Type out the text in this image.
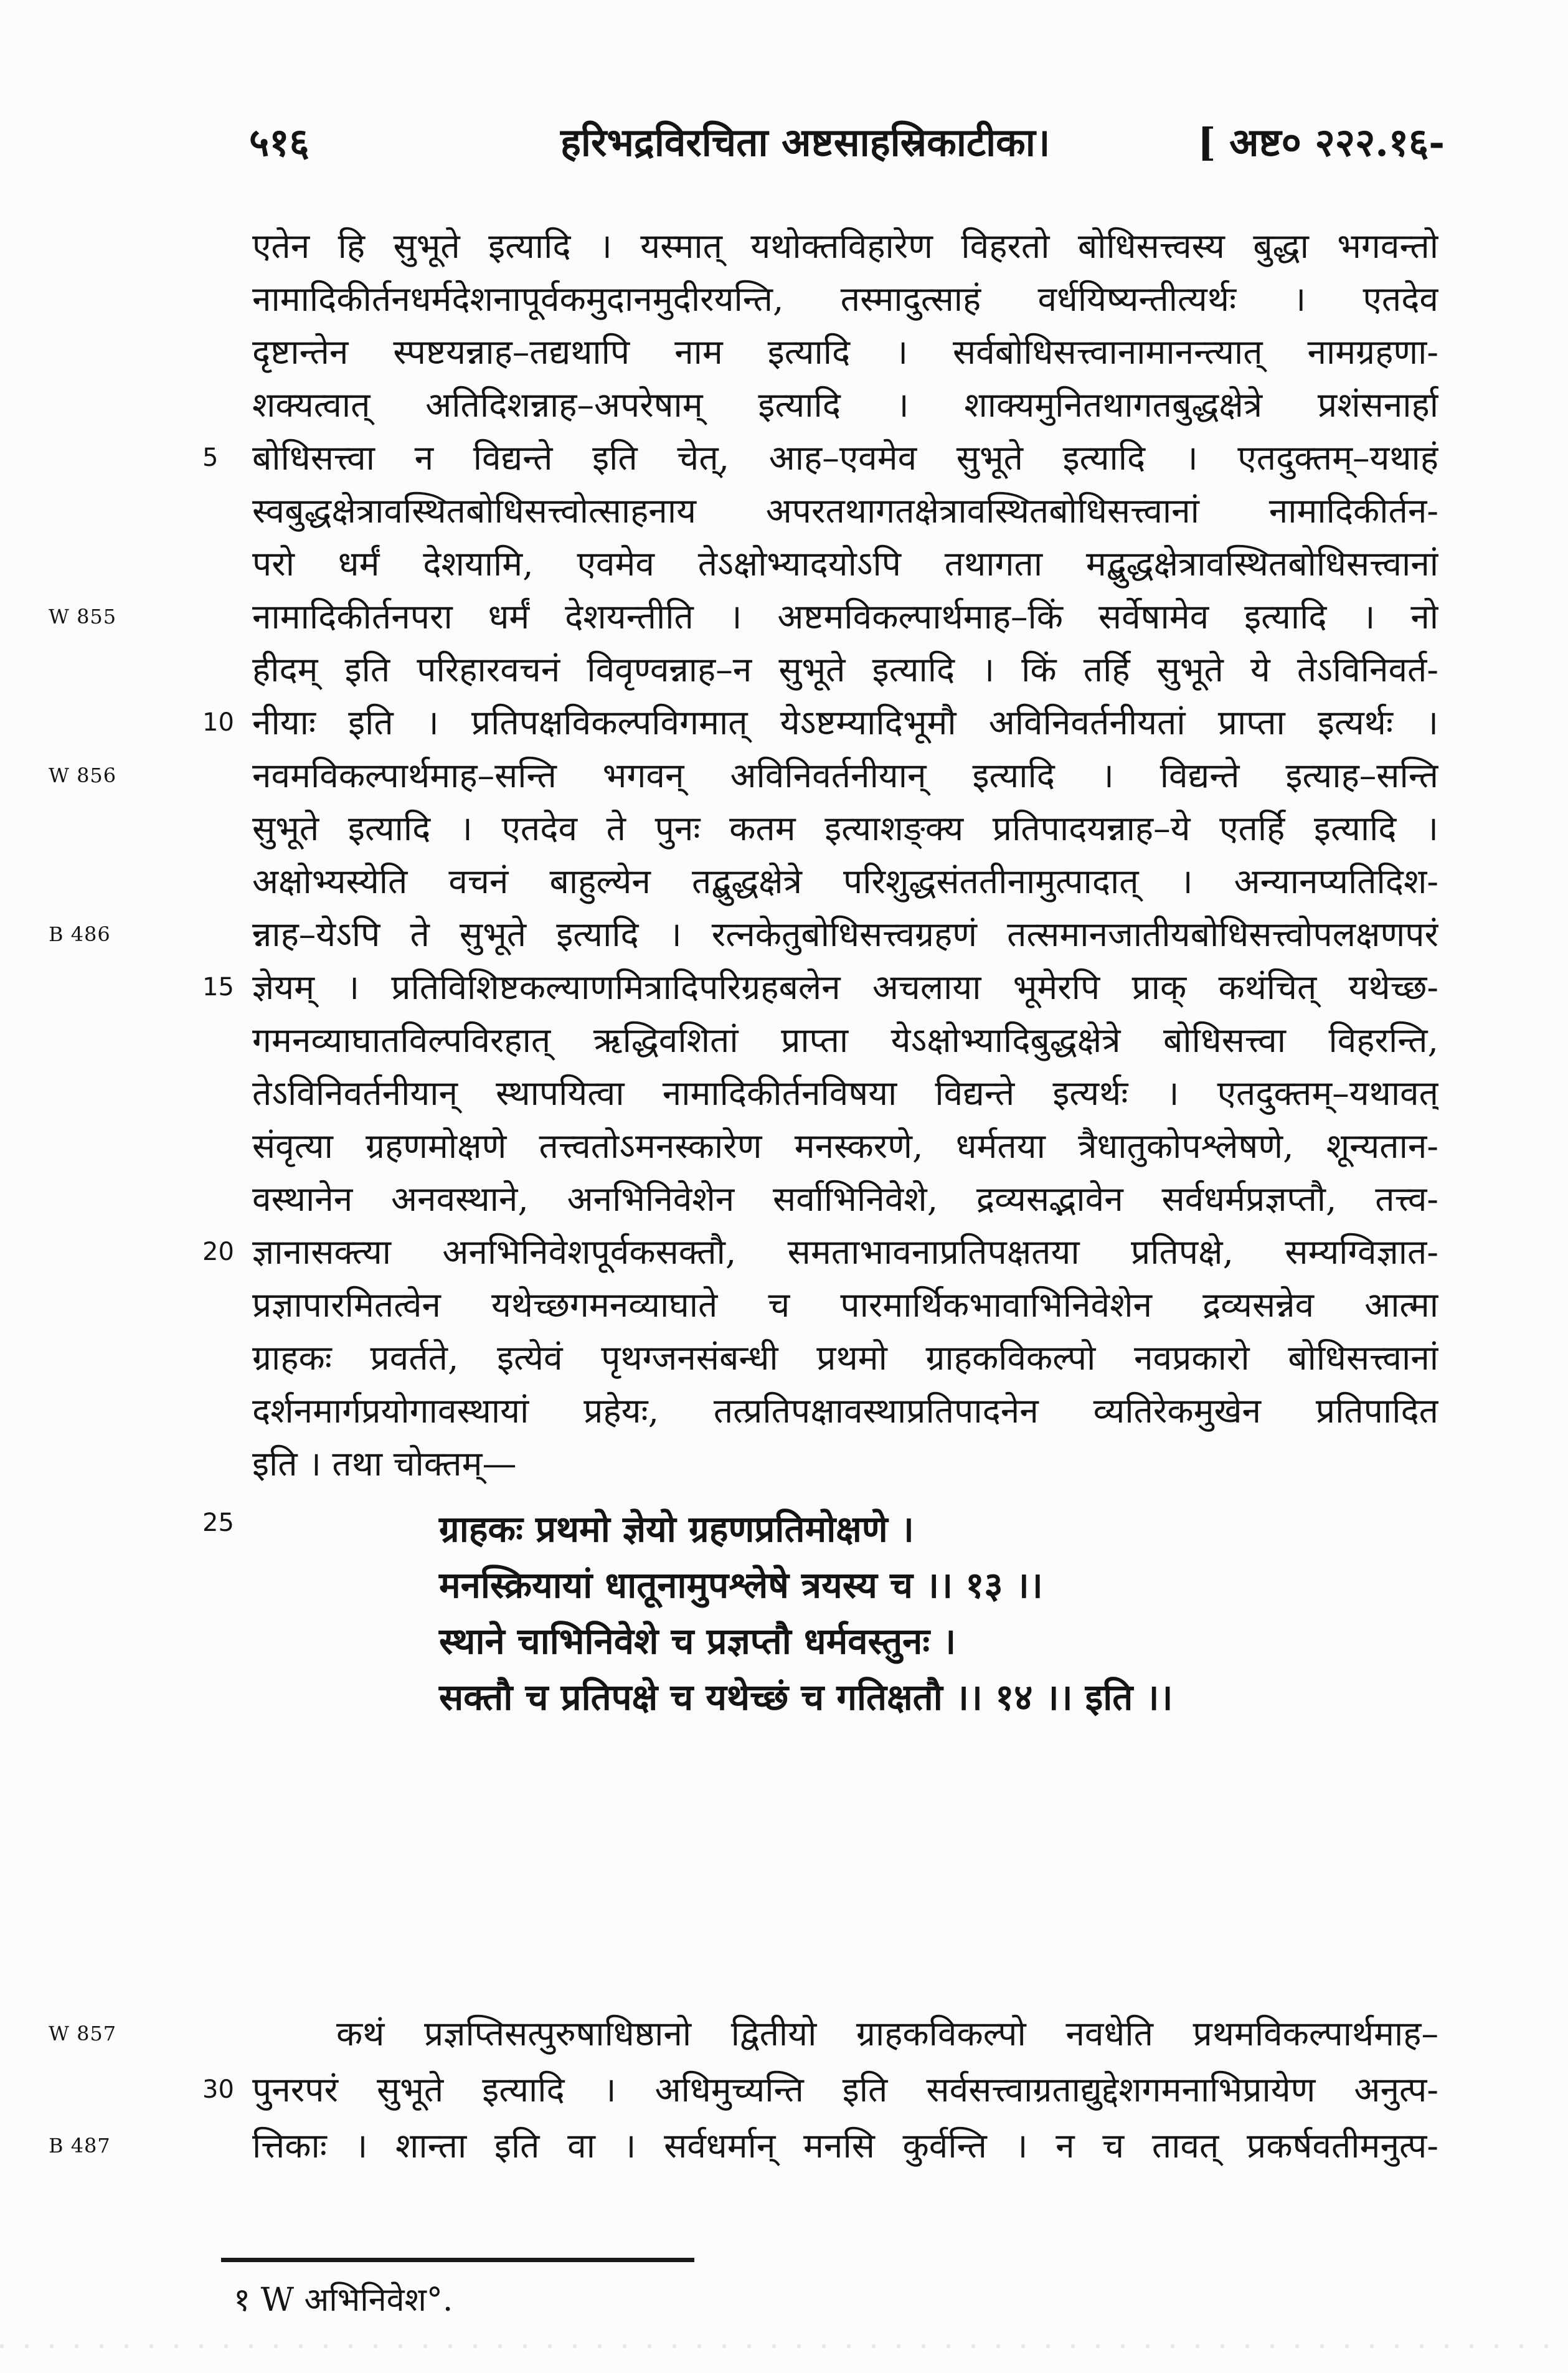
५१६	हरिभद्रविरचिता अष्टसाहस्रिकाटीका।	[ अष्ट० २२२.१६-
एतेन हि सुभूते इत्यादि । यस्मात् यथोक्तविहारेण विहरतो बोधिसत्त्वस्य बुद्धा भगवन्तो
नामादिकीर्तनधर्मदेशनापूर्वकमुदानमुदीरयन्ति, तस्मादुत्साहं वर्धयिष्यन्तीत्यर्थः । एतदेव
दृष्टान्तेन स्पष्टयन्नाह–तद्यथापि नाम इत्यादि । सर्वबोधिसत्त्वानामानन्त्यात् नामग्रहणा-
शक्यत्वात् अतिदिशन्नाह–अपरेषाम् इत्यादि । शाक्यमुनितथागतबुद्धक्षेत्रे प्रशंसनार्हा
5 बोधिसत्त्वा न विद्यन्ते इति चेत्, आह–एवमेव सुभूते इत्यादि । एतदुक्तम्–यथाहं
स्वबुद्धक्षेत्रावस्थितबोधिसत्त्वोत्साहनाय अपरतथागतक्षेत्रावस्थितबोधिसत्त्वानां नामादिकीर्तन-
परो धर्मं देशयामि, एवमेव तेऽक्षोभ्यादयोऽपि तथागता मद्बुद्धक्षेत्रावस्थितबोधिसत्त्वानां
W 855	नामादिकीर्तनपरा धर्मं देशयन्तीति । अष्टमविकल्पार्थमाह–किं सर्वेषामेव इत्यादि । नो
हीदम् इति परिहारवचनं विवृण्वन्नाह–न सुभूते इत्यादि । किं तर्हि सुभूते ये तेऽविनिवर्त-
10 नीयाः इति । प्रतिपक्षविकल्पविगमात् येऽष्टम्यादिभूमौ अविनिवर्तनीयतां प्राप्ता इत्यर्थः ।
W 856	नवमविकल्पार्थमाह–सन्ति भगवन् अविनिवर्तनीयान् इत्यादि । विद्यन्ते इत्याह–सन्ति
सुभूते इत्यादि । एतदेव ते पुनः कतम इत्याशङ्क्य प्रतिपादयन्नाह–ये एतर्हि इत्यादि ।
अक्षोभ्यस्येति वचनं बाहुल्येन तद्बुद्धक्षेत्रे परिशुद्धसंततीनामुत्पादात् । अन्यानप्यतिदिश-
B 486	न्नाह–येऽपि ते सुभूते इत्यादि । रत्नकेतुबोधिसत्त्वग्रहणं तत्समानजातीयबोधिसत्त्वोपलक्षणपरं
15 ज्ञेयम् । प्रतिविशिष्टकल्याणमित्रादिपरिग्रहबलेन अचलाया भूमेरपि प्राक् कथंचित् यथेच्छ-
गमनव्याघातविल्पविरहात् ऋद्धिवशितां प्राप्ता येऽक्षोभ्यादिबुद्धक्षेत्रे बोधिसत्त्वा विहरन्ति,
तेऽविनिवर्तनीयान् स्थापयित्वा नामादिकीर्तनविषया विद्यन्ते इत्यर्थः । एतदुक्तम्–यथावत्
संवृत्या ग्रहणमोक्षणे तत्त्वतोऽमनस्कारेण मनस्करणे, धर्मतया त्रैधातुकोपश्लेषणे, शून्यतान-
वस्थानेन अनवस्थाने, अनभिनिवेशेन सर्वाभिनिवेशे, द्रव्यसद्भावेन सर्वधर्मप्रज्ञप्तौ, तत्त्व-
20 ज्ञानासक्त्या अनभिनिवेशपूर्वकसक्तौ, समताभावनाप्रतिपक्षतया प्रतिपक्षे, सम्यग्विज्ञात-
प्रज्ञापारमितत्वेन यथेच्छगमनव्याघाते च पारमार्थिकभावाभिनिवेशेन द्रव्यसन्नेव आत्मा
ग्राहकः प्रवर्तते, इत्येवं पृथग्जनसंबन्धी प्रथमो ग्राहकविकल्पो नवप्रकारो बोधिसत्त्वानां
दर्शनमार्गप्रयोगावस्थायां प्रहेयः, तत्प्रतिपक्षावस्थाप्रतिपादनेन व्यतिरेकमुखेन प्रतिपादित
इति । तथा चोक्तम्—
25	ग्राहकः प्रथमो ज्ञेयो ग्रहणप्रतिमोक्षणे ।
मनस्क्रियायां धातूनामुपश्लेषे त्रयस्य च ।। १३ ।।
स्थाने चाभिनिवेशे च प्रज्ञप्तौ धर्मवस्तुनः ।
सक्तौ च प्रतिपक्षे च यथेच्छं च गतिक्षतौ ।। १४ ।। इति ।।
W 857	कथं प्रज्ञप्तिसत्पुरुषाधिष्ठानो द्वितीयो ग्राहकविकल्पो नवधेति प्रथमविकल्पार्थमाह–
30 पुनरपरं सुभूते इत्यादि । अधिमुच्यन्ति इति सर्वसत्त्वाग्रताद्युद्देशगमनाभिप्रायेण अनुत्प-
B 487	त्तिकाः । शान्ता इति वा । सर्वधर्मान् मनसि कुर्वन्ति । न च तावत् प्रकर्षवतीमनुत्प-
१ W अभिनिवेश°.
